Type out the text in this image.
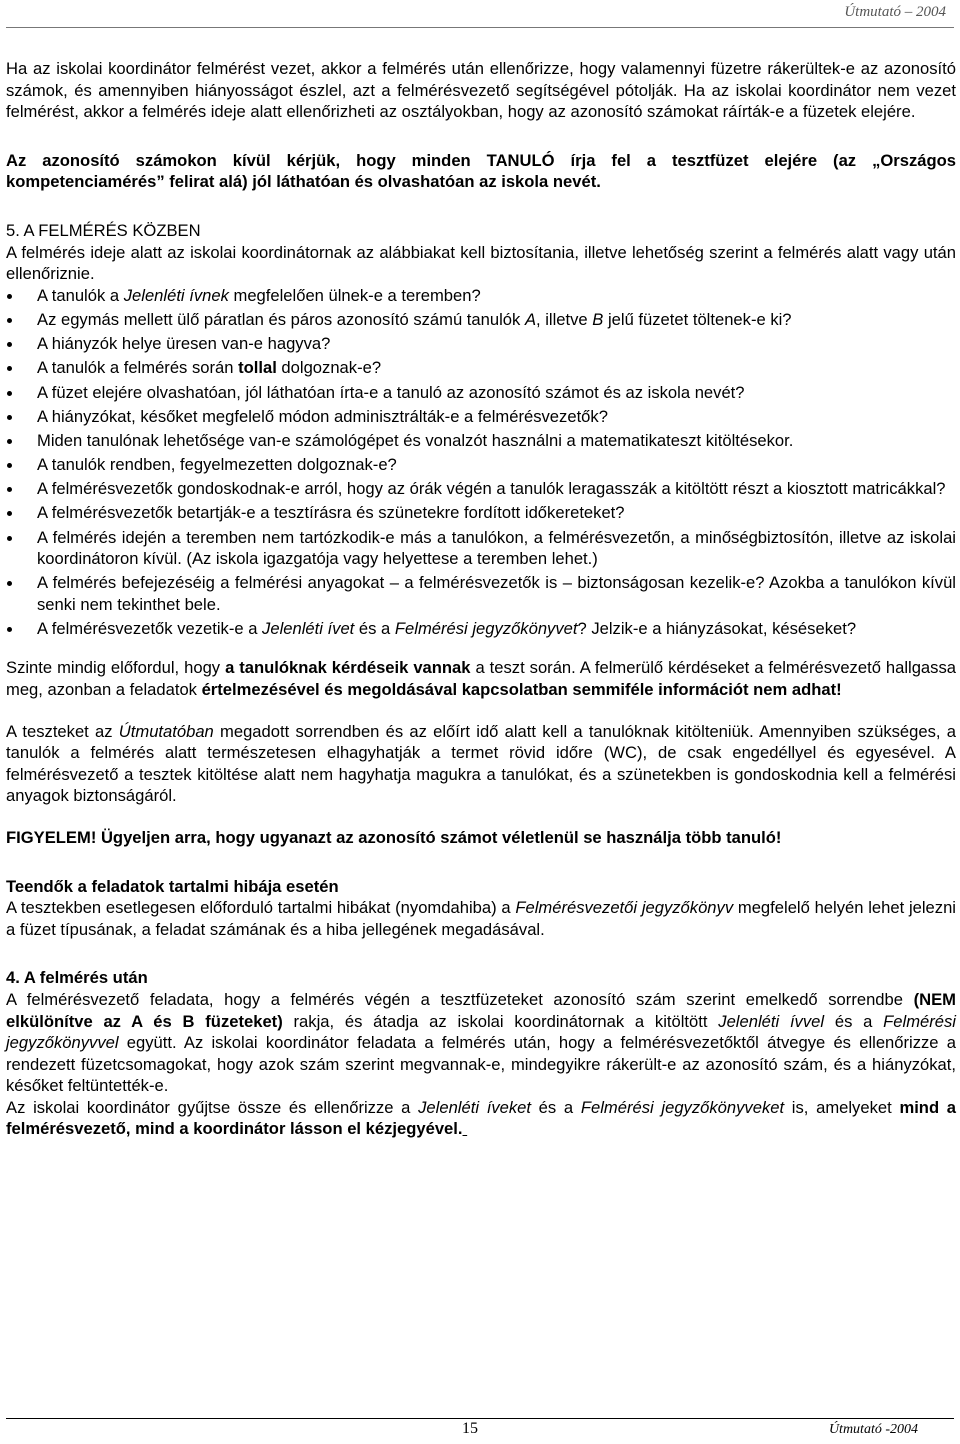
Útmutató – 2004

Ha az iskolai koordinátor felmérést vezet, akkor a felmérés után ellenőrizze, hogy valamennyi füzetre rákerültek-e az azonosító számok, és amennyiben hiányosságot észlel, azt a felmérésvezető segítségével pótolják. Ha az iskolai koordinátor nem vezet felmérést, akkor a felmérés ideje alatt ellenőrizheti az osztályokban, hogy az azonosító számokat ráírták-e a füzetek elejére.

Az azonosító számokon kívül kérjük, hogy minden TANULÓ írja fel a tesztfüzet elejére (az „Országos kompetenciamérés” felirat alá) jól láthatóan és olvashatóan az iskola nevét.

5. A FELMÉRÉS KÖZBEN

A felmérés ideje alatt az iskolai koordinátornak az alábbiakat kell biztosítania, illetve lehetőség szerint a felmérés alatt vagy után ellenőriznie.

A tanulók a Jelenléti ívnek megfelelően ülnek-e a teremben?
Az egymás mellett ülő páratlan és páros azonosító számú tanulók A, illetve B jelű füzetet töltenek-e ki?
A hiányzók helye üresen van-e hagyva?
A tanulók a felmérés során tollal dolgoznak-e?
A füzet elejére olvashatóan, jól láthatóan írta-e a tanuló az azonosító számot és az iskola nevét?
A hiányzókat, későket megfelelő módon adminisztrálták-e a felmérésvezetők?
Miden tanulónak lehetősége van-e számológépet és vonalzót használni a matematikateszt kitöltésekor.
A tanulók rendben, fegyelmezetten dolgoznak-e?
A felmérésvezetők gondoskodnak-e arról, hogy az órák végén a tanulók leragasszák a kitöltött részt a kiosztott matricákkal?
A felmérésvezetők betartják-e a tesztírásra és szünetekre fordított időkereteket?
A felmérés idején a teremben nem tartózkodik-e más a tanulókon, a felmérésvezetőn, a minőségbiztosítón, illetve az iskolai koordinátoron kívül. (Az iskola igazgatója vagy helyettese a teremben lehet.)
A felmérés befejezéséig a felmérési anyagokat – a felmérésvezetők is – biztonságosan kezelik-e? Azokba a tanulókon kívül senki nem tekinthet bele.
A felmérésvezetők vezetik-e a Jelenléti ívet és a Felmérési jegyzőkönyvet? Jelzik-e a hiányzásokat, késéseket?

Szinte mindig előfordul, hogy a tanulóknak kérdéseik vannak a teszt során. A felmerülő kérdéseket a felmérésvezető hallgassa meg, azonban a feladatok értelmezésével és megoldásával kapcsolatban semmiféle információt nem adhat!

A teszteket az Útmutatóban megadott sorrendben és az előírt idő alatt kell a tanulóknak kitölteniük. Amennyiben szükséges, a tanulók a felmérés alatt természetesen elhagyhatják a termet rövid időre (WC), de csak engedéllyel és egyesével. A felmérésvezető a tesztek kitöltése alatt nem hagyhatja magukra a tanulókat, és a szünetekben is gondoskodnia kell a felmérési anyagok biztonságáról.

FIGYELEM! Ügyeljen arra, hogy ugyanazt az azonosító számot véletlenül se használja több tanuló!

Teendők a feladatok tartalmi hibája esetén

A tesztekben esetlegesen előforduló tartalmi hibákat (nyomdahiba) a Felmérésvezetői jegyzőkönyv megfelelő helyén lehet jelezni a füzet típusának, a feladat számának és a hiba jellegének megadásával.

4. A felmérés után

A felmérésvezető feladata, hogy a felmérés végén a tesztfüzeteket azonosító szám szerint emelkedő sorrendbe (NEM elkülönítve az A és B füzeteket) rakja, és átadja az iskolai koordinátornak a kitöltött Jelenléti ívvel és a Felmérési jegyzőkönyvvel együtt. Az iskolai koordinátor feladata a felmérés után, hogy a felmérésvezetőktől átvegye és ellenőrizze a rendezett füzetcsomagokat, hogy azok szám szerint megvannak-e, mindegyikre rákerült-e az azonosító szám, és a hiányzókat, későket feltüntették-e.

Az iskolai koordinátor gyűjtse össze és ellenőrizze a Jelenléti íveket és a Felmérési jegyzőkönyveket is, amelyeket mind a felmérésvezető, mind a koordinátor lásson el kézjegyével.

15	Útmutató -2004
